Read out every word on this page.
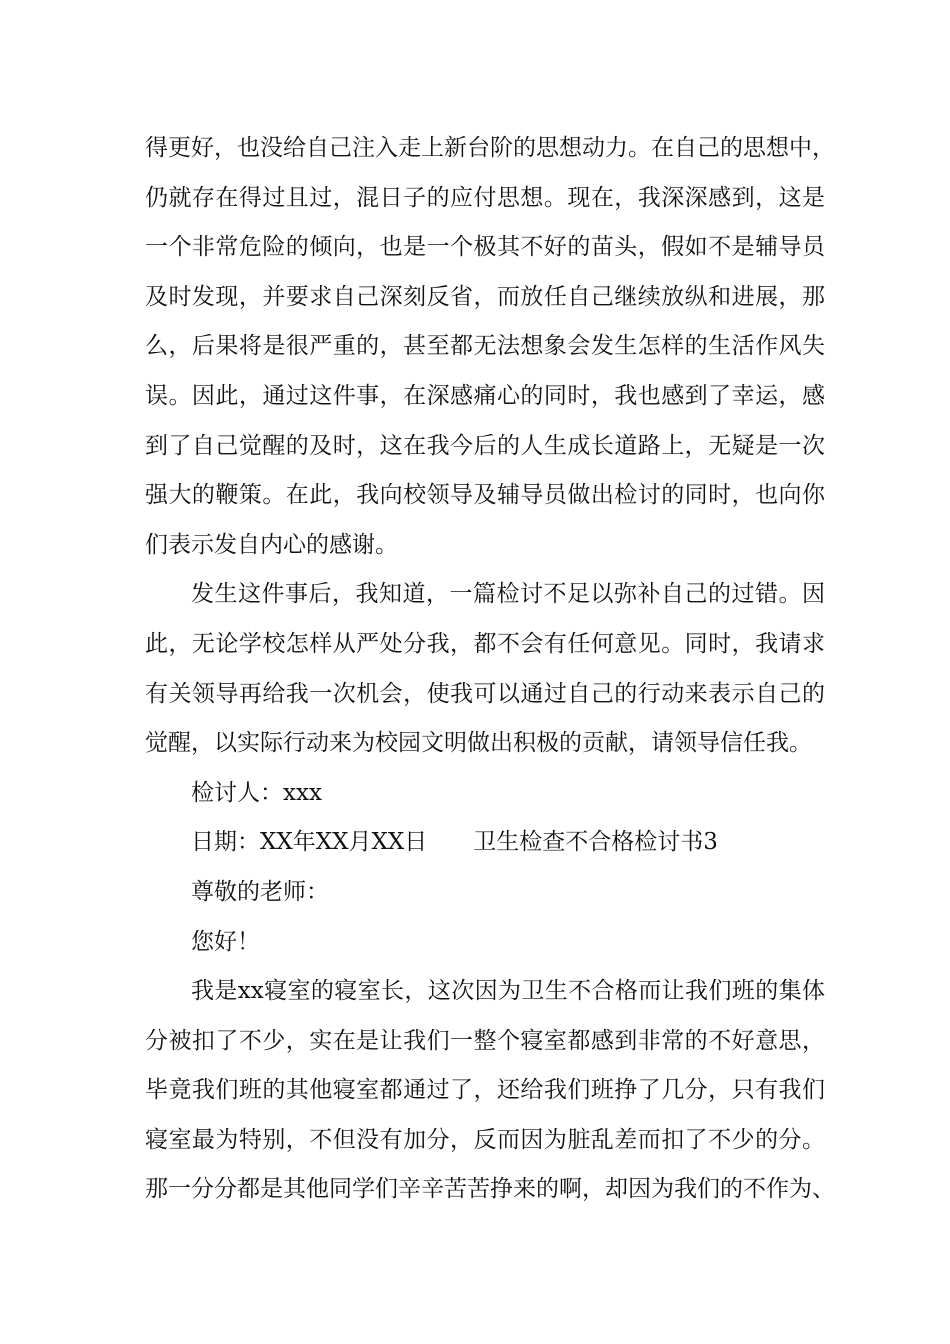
得更好，也没给自己注入走上新台阶的思想动力。在自己的思想中，
仍就存在得过且过，混日子的应付思想。现在，我深深感到，这是
一个非常危险的倾向，也是一个极其不好的苗头，假如不是辅导员
及时发现，并要求自己深刻反省，而放任自己继续放纵和进展，那
么，后果将是很严重的，甚至都无法想象会发生怎样的生活作风失
误。因此，通过这件事，在深感痛心的同时，我也感到了幸运，感
到了自己觉醒的及时，这在我今后的人生成长道路上，无疑是一次
强大的鞭策。在此，我向校领导及辅导员做出检讨的同时，也向你
们表示发自内心的感谢。
发生这件事后，我知道，一篇检讨不足以弥补自己的过错。因
此，无论学校怎样从严处分我，都不会有任何意见。同时，我请求
有关领导再给我一次机会，使我可以通过自己的行动来表示自己的
觉醒，以实际行动来为校园文明做出积极的贡献，请领导信任我。
检讨人：xxx
日期：XX年XX月XX日 卫生检查不合格检讨书3
尊敬的老师：
您好！
我是xx寝室的寝室长，这次因为卫生不合格而让我们班的集体
分被扣了不少，实在是让我们一整个寝室都感到非常的不好意思，
毕竟我们班的其他寝室都通过了，还给我们班挣了几分，只有我们
寝室最为特别，不但没有加分，反而因为脏乱差而扣了不少的分。
那一分分都是其他同学们辛辛苦苦挣来的啊，却因为我们的不作为、
